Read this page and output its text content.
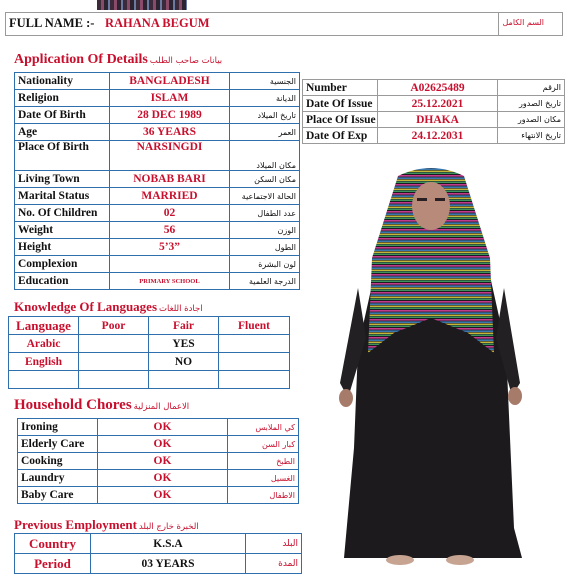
FULL NAME :- RAHANA BEGUM	السم الكامل
Application Of Details بيانات صاحب الطلب
Nationality	BANGLADESH	الجنسية
Religion	ISLAM	الديانة
Date Of Birth	28 DEC 1989	تاريخ الميلاد
Age	36 YEARS	العمر
Place Of Birth	NARSINGDI	مكان الميلاد
Living Town	NOBAB BARI	مكان السكن
Marital Status	MARRIED	الحالة الاجتماعية
No. Of Children	02	عدد الطفال
Weight	56	الوزن
Height	5’3”	الطول
Complexion		لون البشرة
Education	PRIMARY SCHOOL	الدرجة العلمية
Number	A02625489	الرقم
Date Of Issue	25.12.2021	تاريخ الصدور
Place Of Issue	DHAKA	مكان الصدور
Date Of Exp	24.12.2031	تاريخ الانتهاء
Knowledge Of Languages اجادة اللغات
Language	Poor	Fair	Fluent
Arabic		YES	
English		NO	

Household Chores الاعمال المنزلية
Ironing	OK	كي الملابس
Elderly Care	OK	كبار السن
Cooking	OK	الطبخ
Laundry	OK	الغسيل
Baby Care	OK	الاطفال
Previous Employment الخبرة خارج البلد
Country	K.S.A	البلد
Period	03 YEARS	المدة
